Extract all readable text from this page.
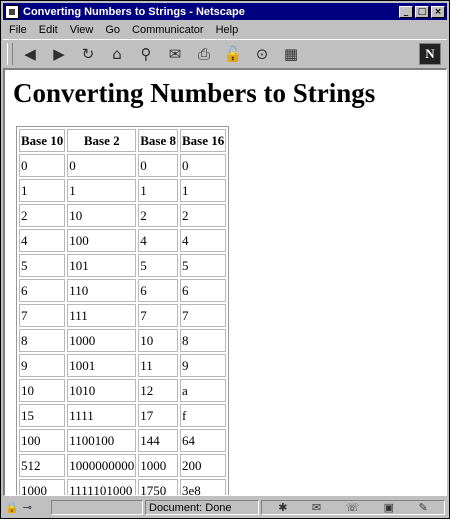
Converting Numbers to Strings - Netscape	_	□ ×
File	Edit	View	Go	Communicator	Help
◀	▶	↻	⌂	⚲	✉	⎙ 🔓 ⊙	▦	N
Converting Numbers to Strings
Base 10	Base 2	Base 8	Base 16
0	0	0	0
1	1	1	1
2	10	2	2
4	100	4	4
5	101	5	5
6	110	6	6
7	111	7	7
8	1000	10	8
9	1001	11	9
10	1010	12	a
15	1111	17	f
100	1100100	144	64
512	1000000000	1000	200
1000	1111101000	1750	3e8
🔒 ⊸	Document: Done	✱ ✉ ☏ ▣ ✎
